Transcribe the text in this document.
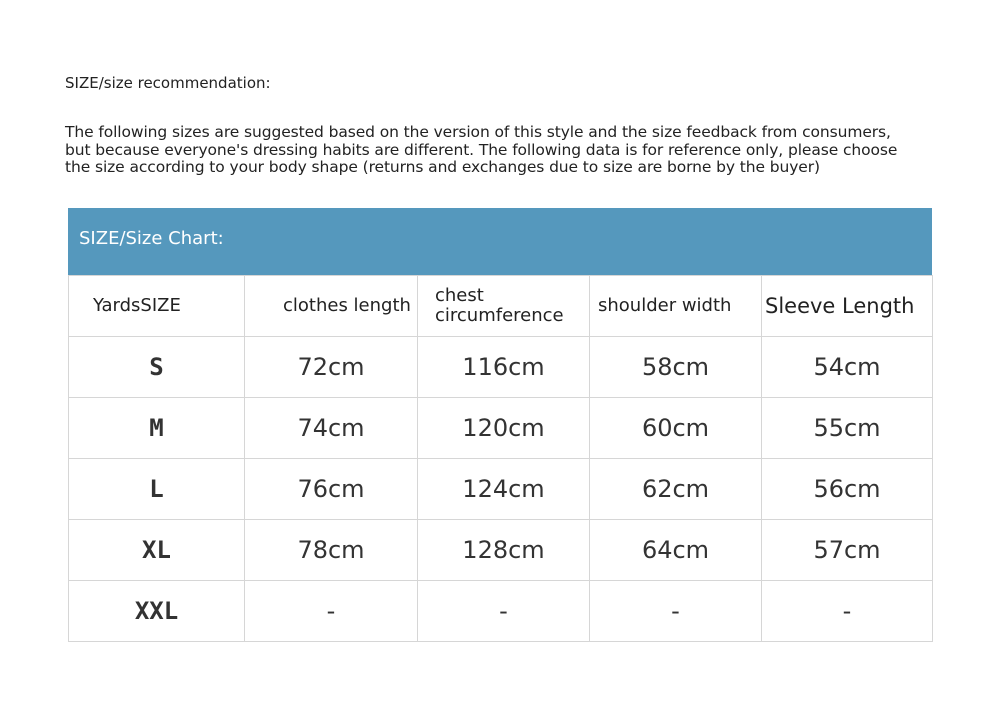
SIZE/size recommendation:
The following sizes are suggested based on the version of this style and the size feedback from consumers,
but because everyone's dressing habits are different. The following data is for reference only, please choose
the size according to your body shape (returns and exchanges due to size are borne by the buyer)
SIZE/Size Chart:
YardsSIZE	clothes length	chest circumference	shoulder width	Sleeve Length
S	72cm	116cm	58cm	54cm
M	74cm	120cm	60cm	55cm
L	76cm	124cm	62cm	56cm
XL	78cm	128cm	64cm	57cm
XXL	-	-	-	-
